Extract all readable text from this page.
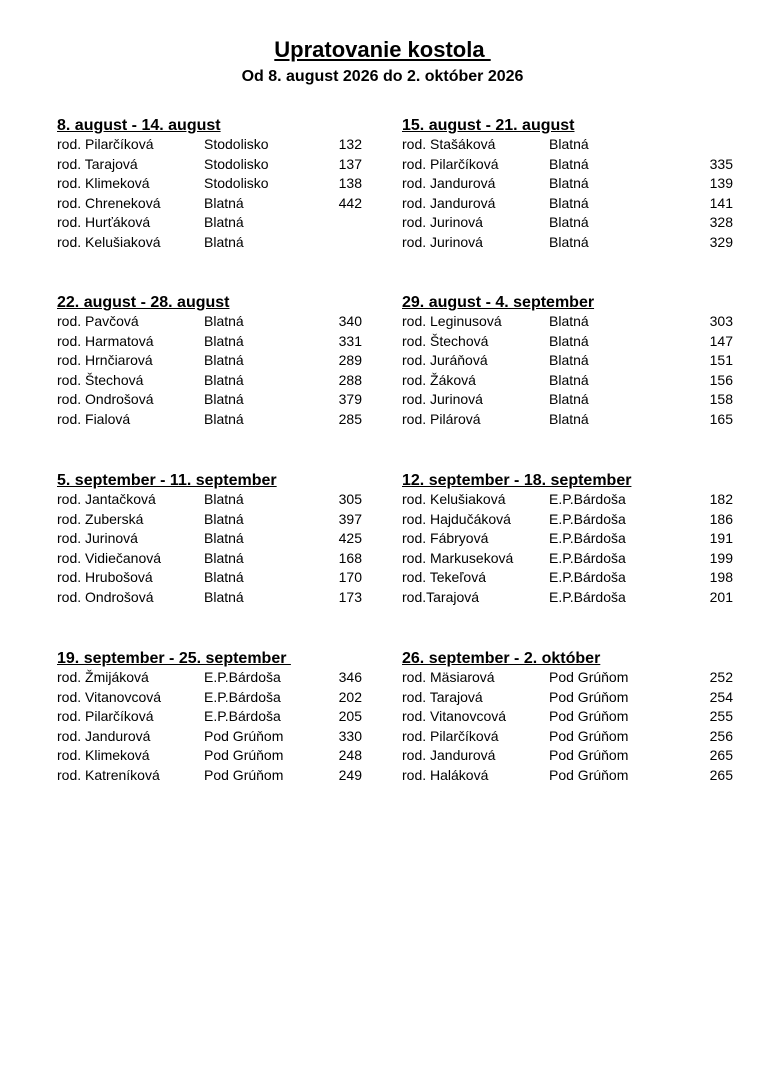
Upratovanie kostola
Od 8. august 2026 do 2. október 2026
8. august - 14. august
rod. Pilarčíková	Stodolisko	132
rod. Tarajová	Stodolisko	137
rod. Klimeková	Stodolisko	138
rod. Chreneková	Blatná	442
rod. Hurťáková	Blatná
rod. Kelušiaková	Blatná
15. august - 21. august
rod. Stašáková	Blatná
rod. Pilarčíková	Blatná	335
rod. Jandurová	Blatná	139
rod. Jandurová	Blatná	141
rod. Jurinová	Blatná	328
rod. Jurinová	Blatná	329
22. august - 28. august
rod. Pavčová	Blatná	340
rod. Harmatová	Blatná	331
rod. Hrnčiarová	Blatná	289
rod. Štechová	Blatná	288
rod. Ondrošová	Blatná	379
rod. Fialová	Blatná	285
29. august - 4. september
rod. Leginusová	Blatná	303
rod. Štechová	Blatná	147
rod. Juráňová	Blatná	151
rod. Žáková	Blatná	156
rod. Jurinová	Blatná	158
rod. Pilárová	Blatná	165
5. september - 11. september
rod. Jantačková	Blatná	305
rod. Zuberská	Blatná	397
rod. Jurinová	Blatná	425
rod. Vidiečanová	Blatná	168
rod. Hrubošová	Blatná	170
rod. Ondrošová	Blatná	173
12. september - 18. september
rod. Kelušiaková	E.P.Bárdoša	182
rod. Hajdučáková	E.P.Bárdoša	186
rod. Fábryová	E.P.Bárdoša	191
rod. Markuseková	E.P.Bárdoša	199
rod. Tekeľová	E.P.Bárdoša	198
rod.Tarajová	E.P.Bárdoša	201
19. september - 25. september
rod. Žmijáková	E.P.Bárdoša	346
rod. Vitanovcová	E.P.Bárdoša	202
rod. Pilarčíková	E.P.Bárdoša	205
rod. Jandurová	Pod Grúňom	330
rod. Klimeková	Pod Grúňom	248
rod. Katreníková	Pod Grúňom	249
26. september - 2. október
rod. Mäsiarová	Pod Grúňom	252
rod. Tarajová	Pod Grúňom	254
rod. Vitanovcová	Pod Grúňom	255
rod. Pilarčíková	Pod Grúňom	256
rod. Jandurová	Pod Grúňom	265
rod. Haláková	Pod Grúňom	265
